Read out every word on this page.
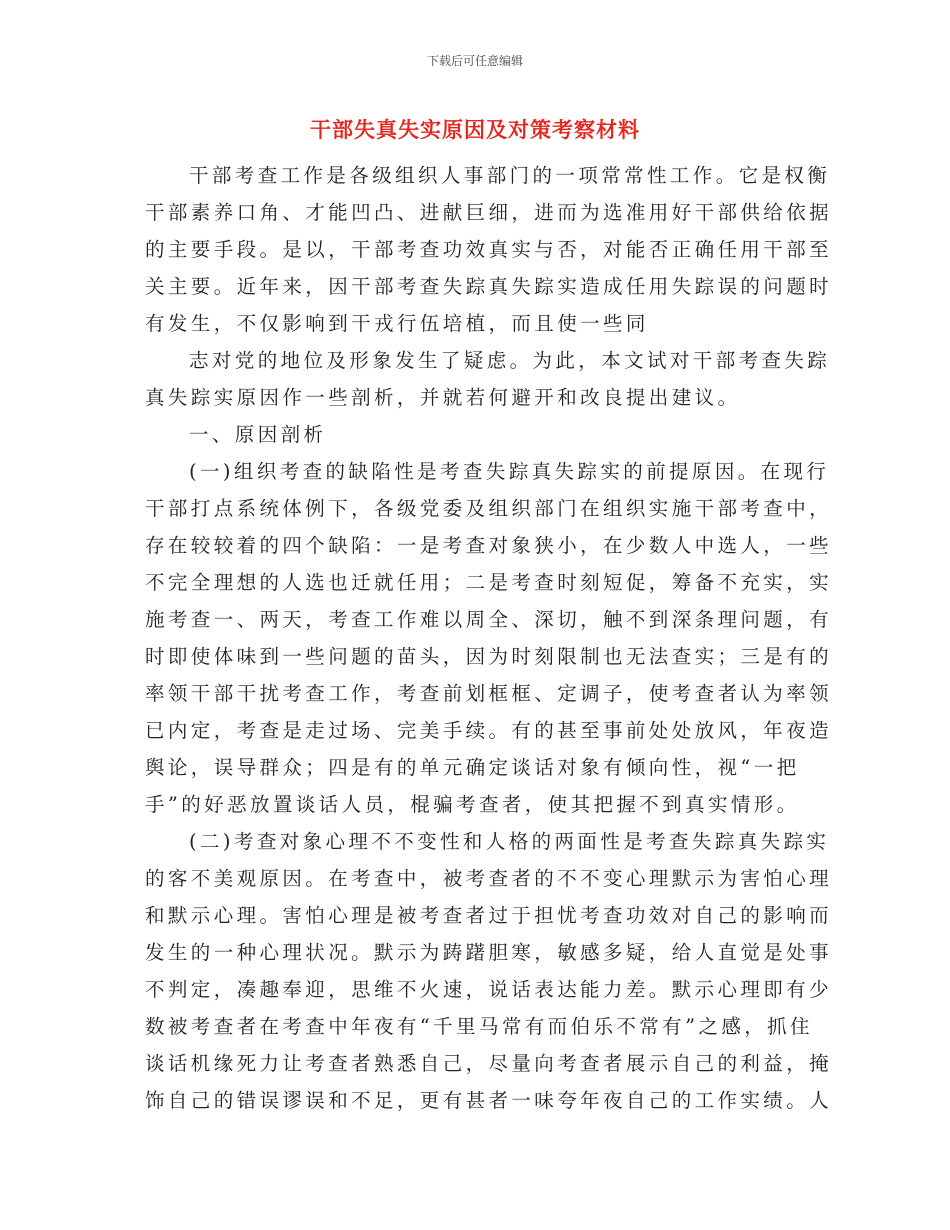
下载后可任意编辑
干部失真失实原因及对策考察材料
干部考查工作是各级组织人事部门的一项常常性工作。它是权衡
干部素养口角、才能凹凸、进献巨细，进而为选准用好干部供给依据
的主要手段。是以，干部考查功效真实与否，对能否正确任用干部至
关主要。近年来，因干部考查失踪真失踪实造成任用失踪误的问题时
有发生，不仅影响到干戎行伍培植，而且使一些同
志对党的地位及形象发生了疑虑。为此，本文试对干部考查失踪
真失踪实原因作一些剖析，并就若何避开和改良提出建议。
一、原因剖析
(一)组织考查的缺陷性是考查失踪真失踪实的前提原因。在现行
干部打点系统体例下，各级党委及组织部门在组织实施干部考查中，
存在较较着的四个缺陷：一是考查对象狭小，在少数人中选人，一些
不完全理想的人选也迁就任用；二是考查时刻短促，筹备不充实，实
施考查一、两天，考查工作难以周全、深切，触不到深条理问题，有
时即使体味到一些问题的苗头，因为时刻限制也无法查实；三是有的
率领干部干扰考查工作，考查前划框框、定调子，使考查者认为率领
已内定，考查是走过场、完美手续。有的甚至事前处处放风，年夜造
舆论，误导群众；四是有的单元确定谈话对象有倾向性，视“一把
手”的好恶放置谈话人员，棍骗考查者，使其把握不到真实情形。
(二)考查对象心理不不变性和人格的两面性是考查失踪真失踪实
的客不美观原因。在考查中，被考查者的不不变心理默示为害怕心理
和默示心理。害怕心理是被考查者过于担忧考查功效对自己的影响而
发生的一种心理状况。默示为踌躇胆寒，敏感多疑，给人直觉是处事
不判定，凑趣奉迎，思维不火速，说话表达能力差。默示心理即有少
数被考查者在考查中年夜有“千里马常有而伯乐不常有”之感，抓住
谈话机缘死力让考查者熟悉自己，尽量向考查者展示自己的利益，掩
饰自己的错误谬误和不足，更有甚者一味夸年夜自己的工作实绩。人
